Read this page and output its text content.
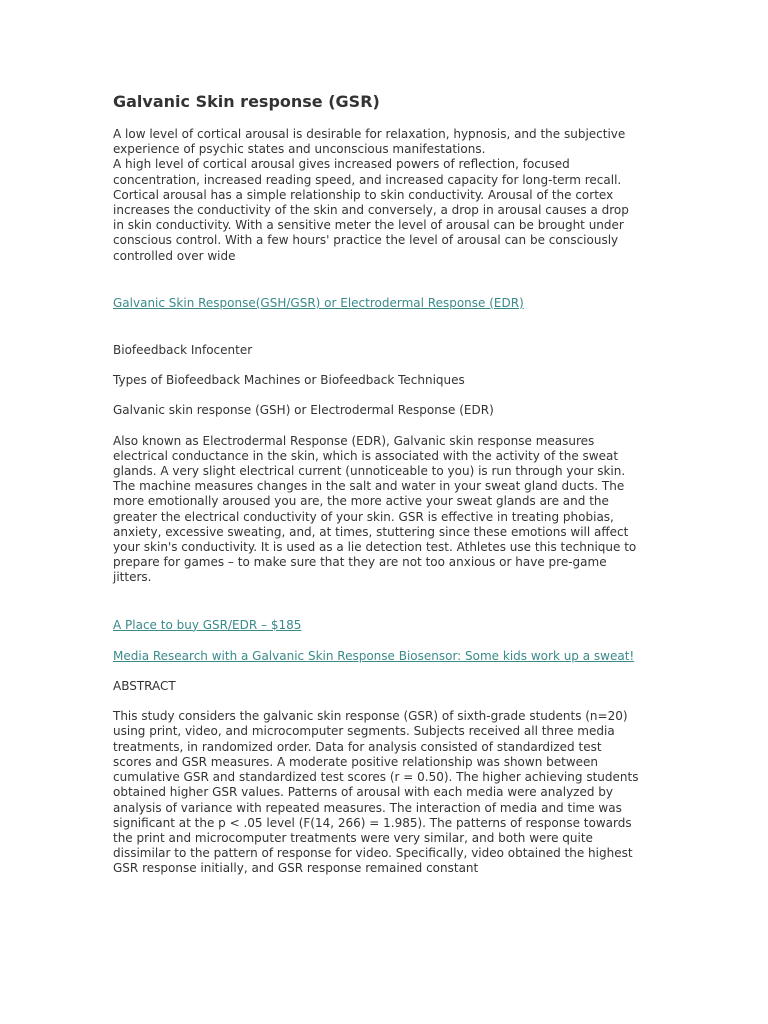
Galvanic Skin response (GSR)

A low level of cortical arousal is desirable for relaxation, hypnosis, and the subjective experience of psychic states and unconscious manifestations.

A high level of cortical arousal gives increased powers of reflection, focused concentration, increased reading speed, and increased capacity for long-term recall. Cortical arousal has a simple relationship to skin conductivity. Arousal of the cortex increases the conductivity of the skin and conversely, a drop in arousal causes a drop in skin conductivity. With a sensitive meter the level of arousal can be brought under conscious control. With a few hours' practice the level of arousal can be consciously controlled over wide

Galvanic Skin Response(GSH/GSR) or Electrodermal Response (EDR)

Biofeedback Infocenter

Types of Biofeedback Machines or Biofeedback Techniques

Galvanic skin response (GSH) or Electrodermal Response (EDR)

Also known as Electrodermal Response (EDR), Galvanic skin response measures electrical conductance in the skin, which is associated with the activity of the sweat glands. A very slight electrical current (unnoticeable to you) is run through your skin. The machine measures changes in the salt and water in your sweat gland ducts. The more emotionally aroused you are, the more active your sweat glands are and the greater the electrical conductivity of your skin. GSR is effective in treating phobias, anxiety, excessive sweating, and, at times, stuttering since these emotions will affect your skin's conductivity. It is used as a lie detection test. Athletes use this technique to prepare for games – to make sure that they are not too anxious or have pre-game jitters.

A Place to buy GSR/EDR – $185

Media Research with a Galvanic Skin Response Biosensor: Some kids work up a sweat!

ABSTRACT

This study considers the galvanic skin response (GSR) of sixth-grade students (n=20) using print, video, and microcomputer segments. Subjects received all three media treatments, in randomized order. Data for analysis consisted of standardized test scores and GSR measures. A moderate positive relationship was shown between cumulative GSR and standardized test scores (r = 0.50). The higher achieving students obtained higher GSR values. Patterns of arousal with each media were analyzed by analysis of variance with repeated measures. The interaction of media and time was significant at the p < .05 level (F(14, 266) = 1.985). The patterns of response towards the print and microcomputer treatments were very similar, and both were quite dissimilar to the pattern of response for video. Specifically, video obtained the highest GSR response initially, and GSR response remained constant
